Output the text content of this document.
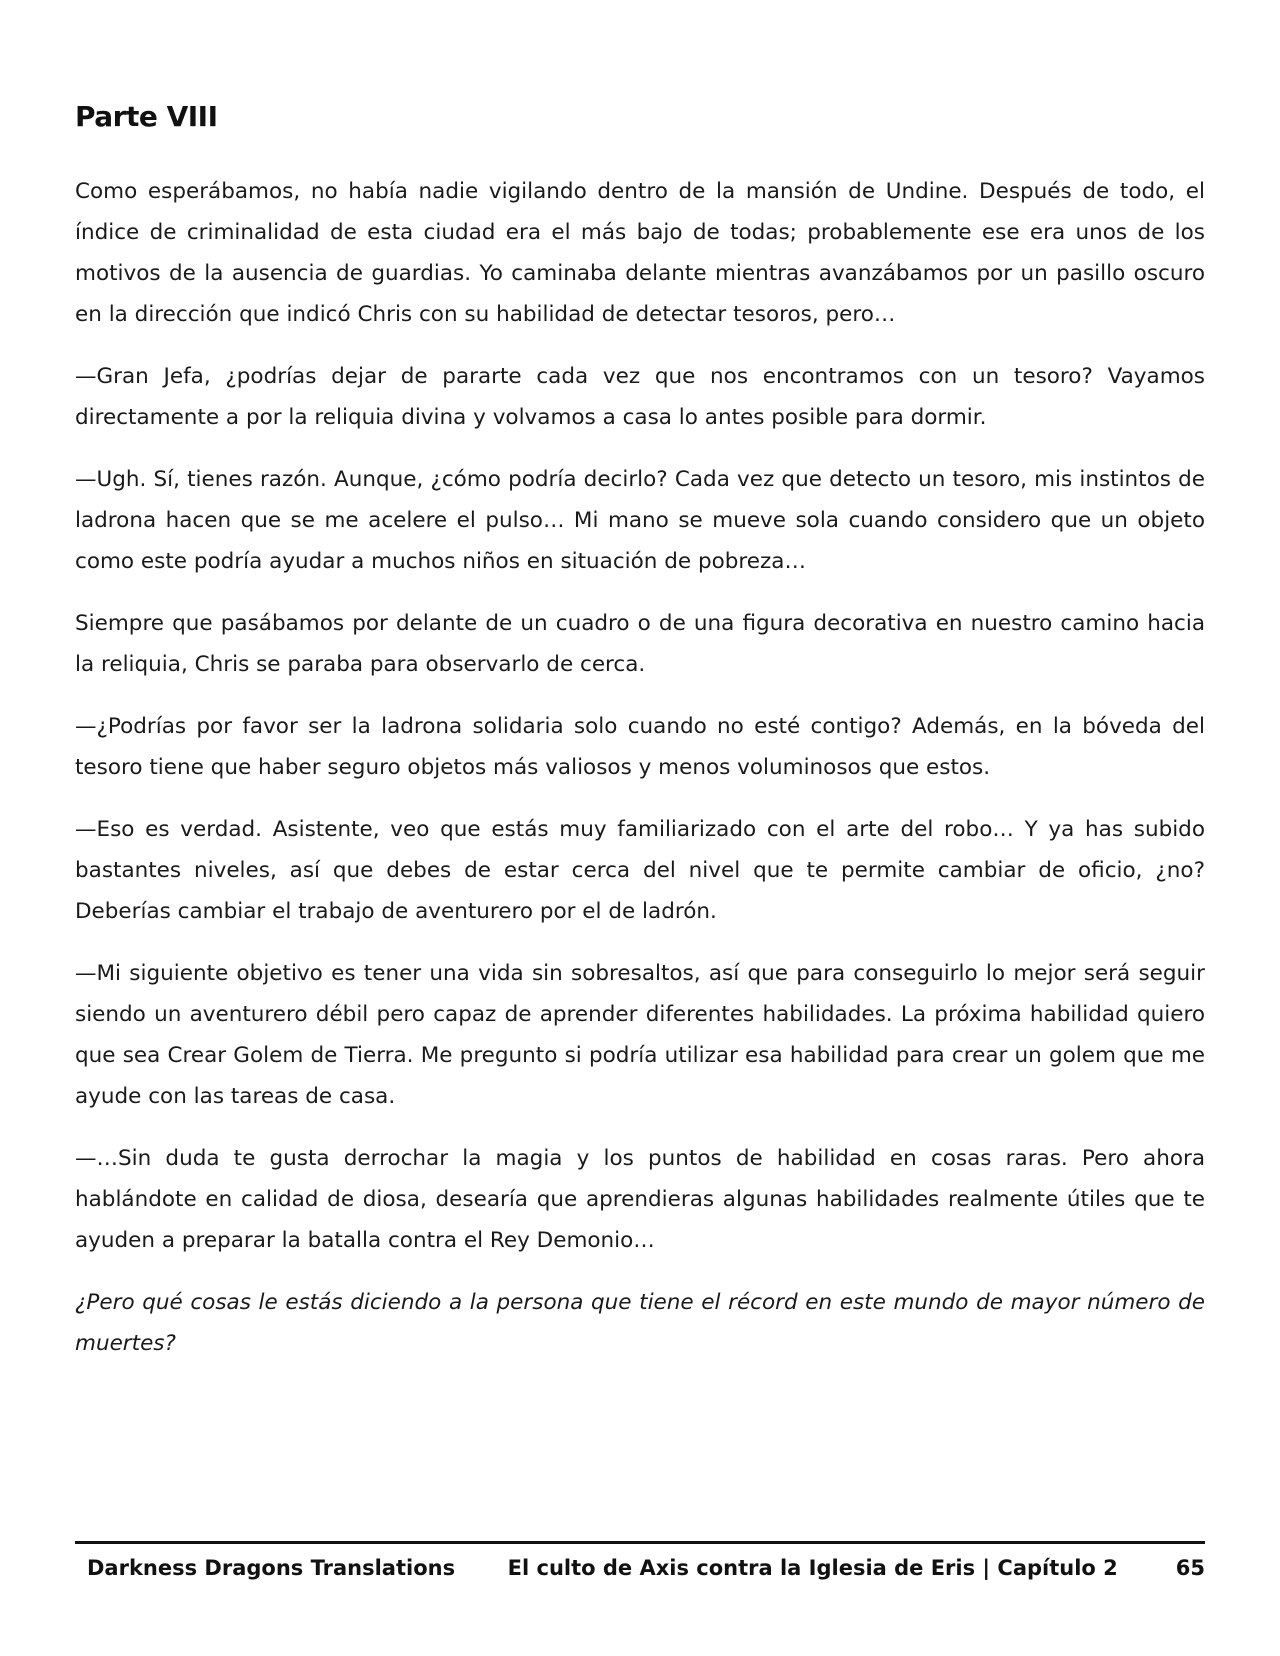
Parte VIII

Como esperábamos, no había nadie vigilando dentro de la mansión de Undine. Después de todo, el índice de criminalidad de esta ciudad era el más bajo de todas; probablemente ese era unos de los motivos de la ausencia de guardias. Yo caminaba delante mientras avanzábamos por un pasillo oscuro en la dirección que indicó Chris con su habilidad de detectar tesoros, pero…

—Gran Jefa, ¿podrías dejar de pararte cada vez que nos encontramos con un tesoro? Vayamos directamente a por la reliquia divina y volvamos a casa lo antes posible para dormir.

—Ugh. Sí, tienes razón. Aunque, ¿cómo podría decirlo? Cada vez que detecto un tesoro, mis instintos de ladrona hacen que se me acelere el pulso… Mi mano se mueve sola cuando considero que un objeto como este podría ayudar a muchos niños en situación de pobreza…

Siempre que pasábamos por delante de un cuadro o de una figura decorativa en nuestro camino hacia la reliquia, Chris se paraba para observarlo de cerca.

—¿Podrías por favor ser la ladrona solidaria solo cuando no esté contigo? Además, en la bóveda del tesoro tiene que haber seguro objetos más valiosos y menos voluminosos que estos.

—Eso es verdad. Asistente, veo que estás muy familiarizado con el arte del robo… Y ya has subido bastantes niveles, así que debes de estar cerca del nivel que te permite cambiar de oficio, ¿no? Deberías cambiar el trabajo de aventurero por el de ladrón.

—Mi siguiente objetivo es tener una vida sin sobresaltos, así que para conseguirlo lo mejor será seguir siendo un aventurero débil pero capaz de aprender diferentes habilidades. La próxima habilidad quiero que sea Crear Golem de Tierra. Me pregunto si podría utilizar esa habilidad para crear un golem que me ayude con las tareas de casa.

—…Sin duda te gusta derrochar la magia y los puntos de habilidad en cosas raras. Pero ahora hablándote en calidad de diosa, desearía que aprendieras algunas habilidades realmente útiles que te ayuden a preparar la batalla contra el Rey Demonio…

¿Pero qué cosas le estás diciendo a la persona que tiene el récord en este mundo de mayor número de muertes?

Darkness Dragons Translations	El culto de Axis contra la Iglesia de Eris | Capítulo 2	65
